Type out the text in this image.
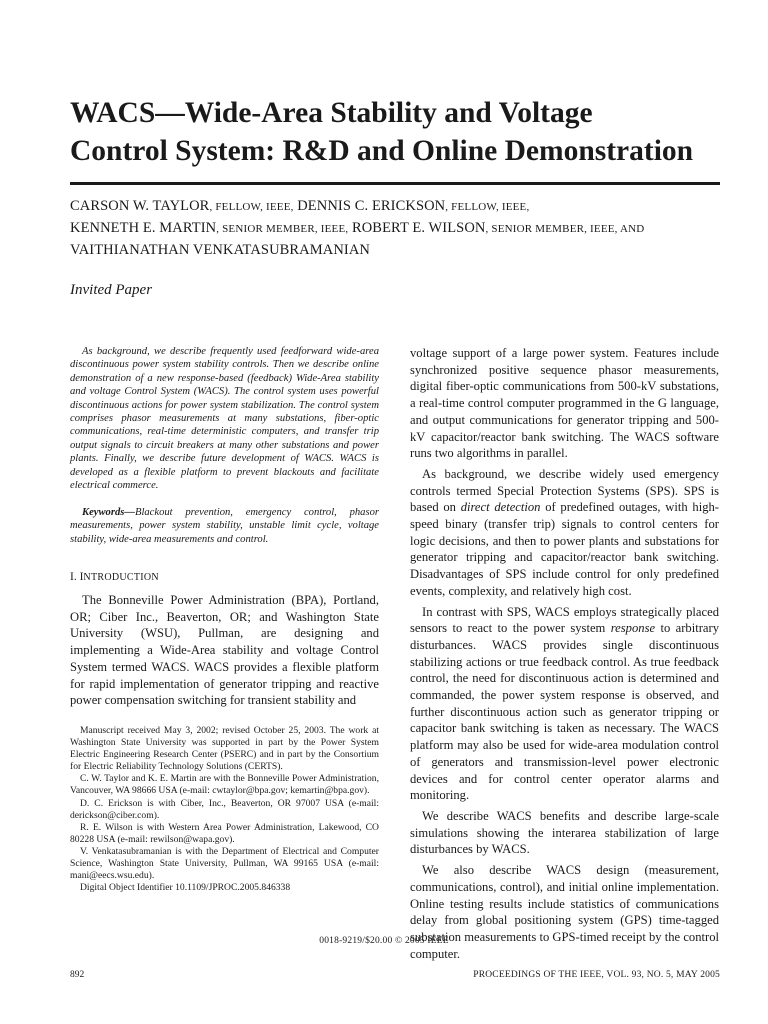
WACS—Wide-Area Stability and Voltage
Control System: R&D and Online Demonstration
CARSON W. TAYLOR, FELLOW, IEEE, DENNIS C. ERICKSON, FELLOW, IEEE,
KENNETH E. MARTIN, SENIOR MEMBER, IEEE, ROBERT E. WILSON, SENIOR MEMBER, IEEE, AND
VAITHIANATHAN VENKATASUBRAMANIAN
Invited Paper
As background, we describe frequently used feedforward wide-area discontinuous power system stability controls. Then we describe online demonstration of a new response-based (feedback) Wide-Area stability and voltage Control System (WACS). The control system uses powerful discontinuous actions for power system stabilization. The control system comprises phasor measurements at many substations, fiber-optic communications, real-time deterministic computers, and transfer trip output signals to circuit breakers at many other substations and power plants. Finally, we describe future development of WACS. WACS is developed as a flexible platform to prevent blackouts and facilitate electrical commerce.
Keywords—Blackout prevention, emergency control, phasor measurements, power system stability, unstable limit cycle, voltage stability, wide-area measurements and control.
I. INTRODUCTION
The Bonneville Power Administration (BPA), Portland, OR; Ciber Inc., Beaverton, OR; and Washington State University (WSU), Pullman, are designing and implementing a Wide-Area stability and voltage Control System termed WACS. WACS provides a flexible platform for rapid implementation of generator tripping and reactive power compensation switching for transient stability and

Manuscript received May 3, 2002; revised October 25, 2003. The work at Washington State University was supported in part by the Power System Electric Engineering Research Center (PSERC) and in part by the Consortium for Electric Reliability Technology Solutions (CERTS).

C. W. Taylor and K. E. Martin are with the Bonneville Power Administration, Vancouver, WA 98666 USA (e-mail: cwtaylor@bpa.gov; kemartin@bpa.gov).

D. C. Erickson is with Ciber, Inc., Beaverton, OR 97007 USA (e-mail: derickson@ciber.com).

R. E. Wilson is with Western Area Power Administration, Lakewood, CO 80228 USA (e-mail: rewilson@wapa.gov).

V. Venkatasubramanian is with the Department of Electrical and Computer Science, Washington State University, Pullman, WA 99165 USA (e-mail: mani@eecs.wsu.edu).

Digital Object Identifier 10.1109/JPROC.2005.846338

voltage support of a large power system. Features include synchronized positive sequence phasor measurements, digital fiber-optic communications from 500-kV substations, a real-time control computer programmed in the G language, and output communications for generator tripping and 500-kV capacitor/reactor bank switching. The WACS software runs two algorithms in parallel.

As background, we describe widely used emergency controls termed Special Protection Systems (SPS). SPS is based on direct detection of predefined outages, with high-speed binary (transfer trip) signals to control centers for logic decisions, and then to power plants and substations for generator tripping and capacitor/reactor bank switching. Disadvantages of SPS include control for only predefined events, complexity, and relatively high cost.

In contrast with SPS, WACS employs strategically placed sensors to react to the power system response to arbitrary disturbances. WACS provides single discontinuous stabilizing actions or true feedback control. As true feedback control, the need for discontinuous action is determined and commanded, the power system response is observed, and further discontinuous action such as generator tripping or capacitor bank switching is taken as necessary. The WACS platform may also be used for wide-area modulation control of generators and transmission-level power electronic devices and for control center operator alarms and monitoring.

We describe WACS benefits and describe large-scale simulations showing the interarea stabilization of large disturbances by WACS.

We also describe WACS design (measurement, communications, control), and initial online implementation. Online testing results include statistics of communications delay from global positioning system (GPS) time-tagged substation measurements to GPS-timed receipt by the control computer.

0018-9219/$20.00 © 2005 IEEE
892	PROCEEDINGS OF THE IEEE, VOL. 93, NO. 5, MAY 2005
